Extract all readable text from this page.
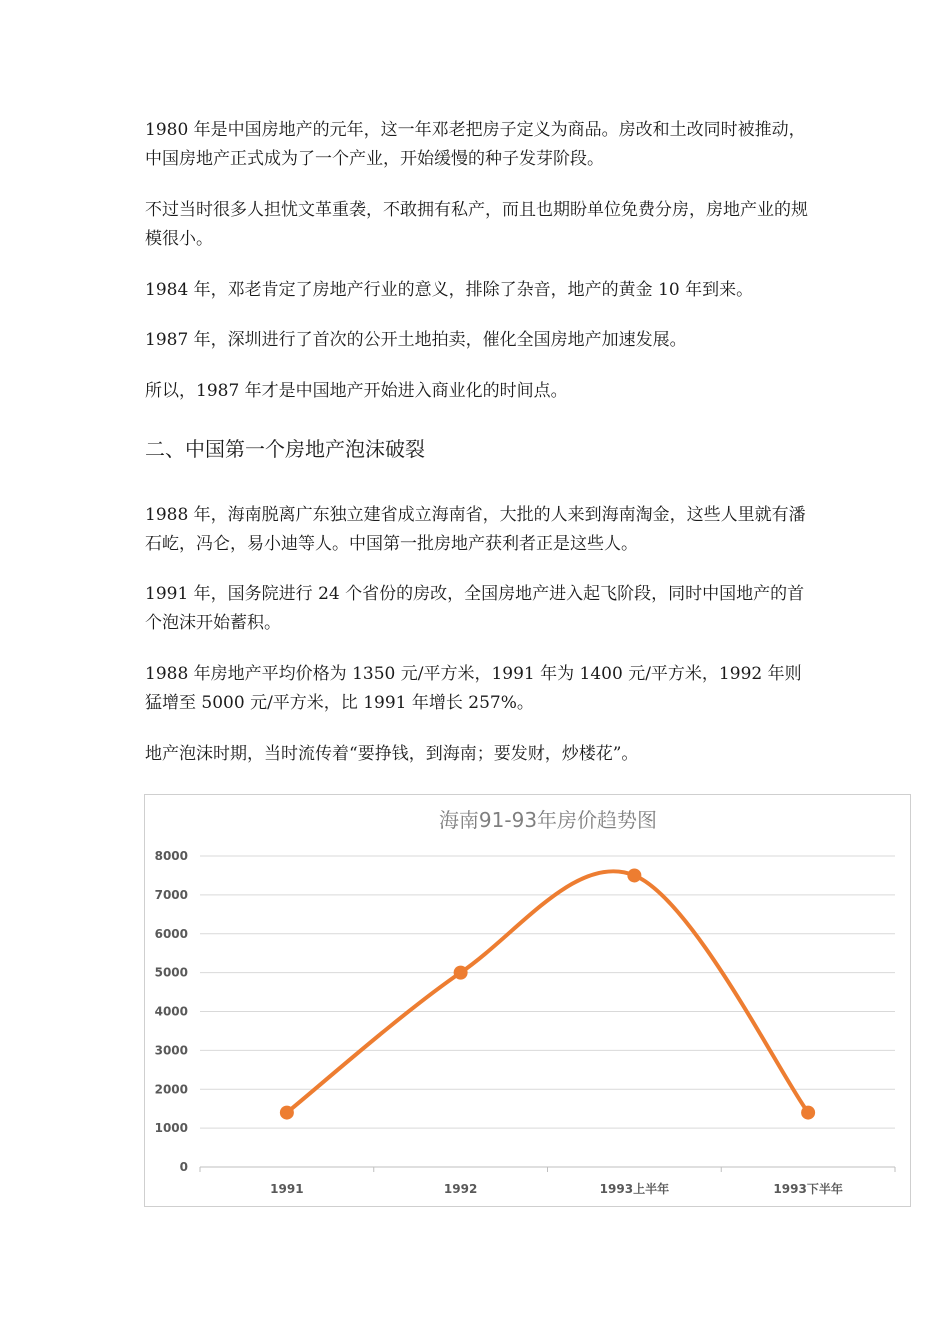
1980 年是中国房地产的元年，这一年邓老把房子定义为商品。房改和土改同时被推动，中国房地产正式成为了一个产业，开始缓慢的种子发芽阶段。

不过当时很多人担忧文革重袭，不敢拥有私产，而且也期盼单位免费分房，房地产业的规模很小。

1984 年，邓老肯定了房地产行业的意义，排除了杂音，地产的黄金 10 年到来。

1987 年，深圳进行了首次的公开土地拍卖，催化全国房地产加速发展。

所以，1987 年才是中国地产开始进入商业化的时间点。

二、中国第一个房地产泡沫破裂

1988 年，海南脱离广东独立建省成立海南省，大批的人来到海南淘金，这些人里就有潘石屹，冯仑，易小迪等人。中国第一批房地产获利者正是这些人。

1991 年，国务院进行 24 个省份的房改，全国房地产进入起飞阶段，同时中国地产的首个泡沫开始蓄积。

1988 年房地产平均价格为 1350 元/平方米，1991 年为 1400 元/平方米，1992 年则猛增至 5000 元/平方米，比 1991 年增长 257%。

地产泡沫时期，当时流传着“要挣钱，到海南；要发财，炒楼花”。

海南91-93年房价趋势图
0
1000
2000
3000
4000
5000
6000
7000
8000
1991	1992	1993上半年	1993下半年
